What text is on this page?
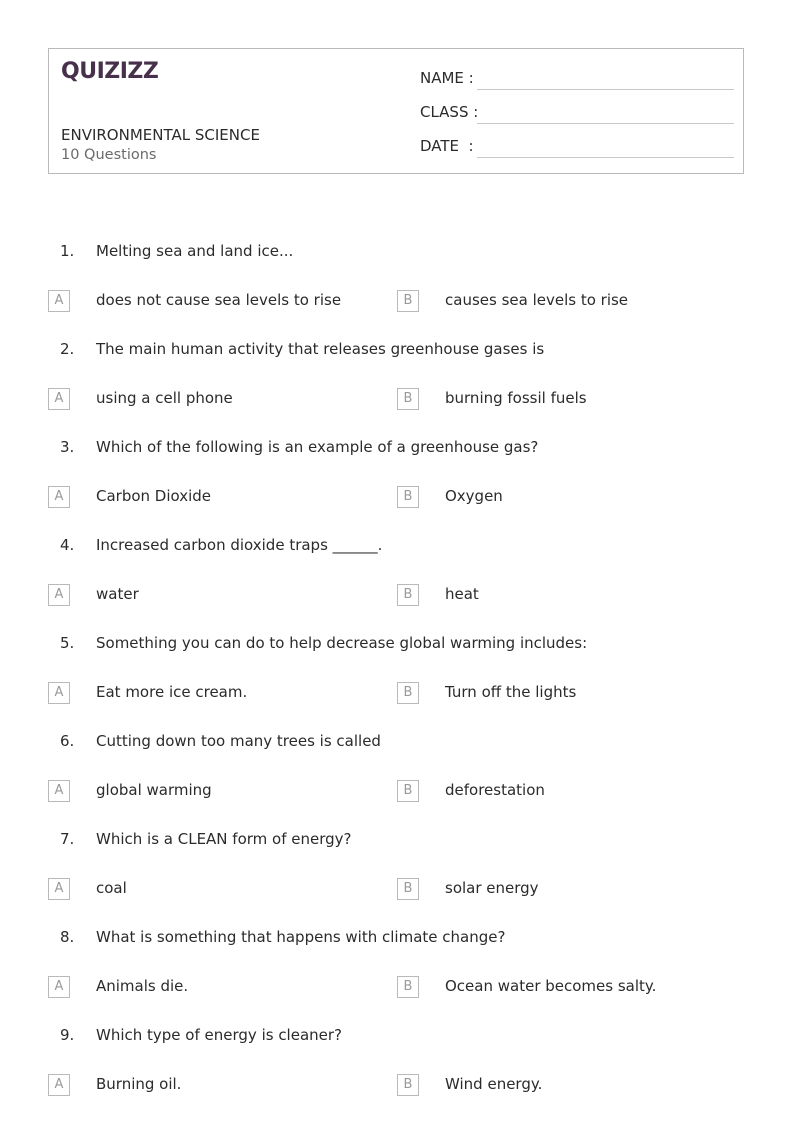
QUIZIZZ
ENVIRONMENTAL SCIENCE
10 Questions
NAME :
CLASS :
DATE  :
1. Melting sea and land ice...
A	does not cause sea levels to rise	B	causes sea levels to rise
2. The main human activity that releases greenhouse gases is
A	using a cell phone	B	burning fossil fuels
3. Which of the following is an example of a greenhouse gas?
A	Carbon Dioxide	B	Oxygen
4. Increased carbon dioxide traps ______.
A	water	B	heat
5. Something you can do to help decrease global warming includes:
A	Eat more ice cream.	B	Turn off the lights
6. Cutting down too many trees is called
A	global warming	B	deforestation
7. Which is a CLEAN form of energy?
A	coal	B	solar energy
8. What is something that happens with climate change?
A	Animals die.	B	Ocean water becomes salty.
9. Which type of energy is cleaner?
A	Burning oil.	B	Wind energy.
